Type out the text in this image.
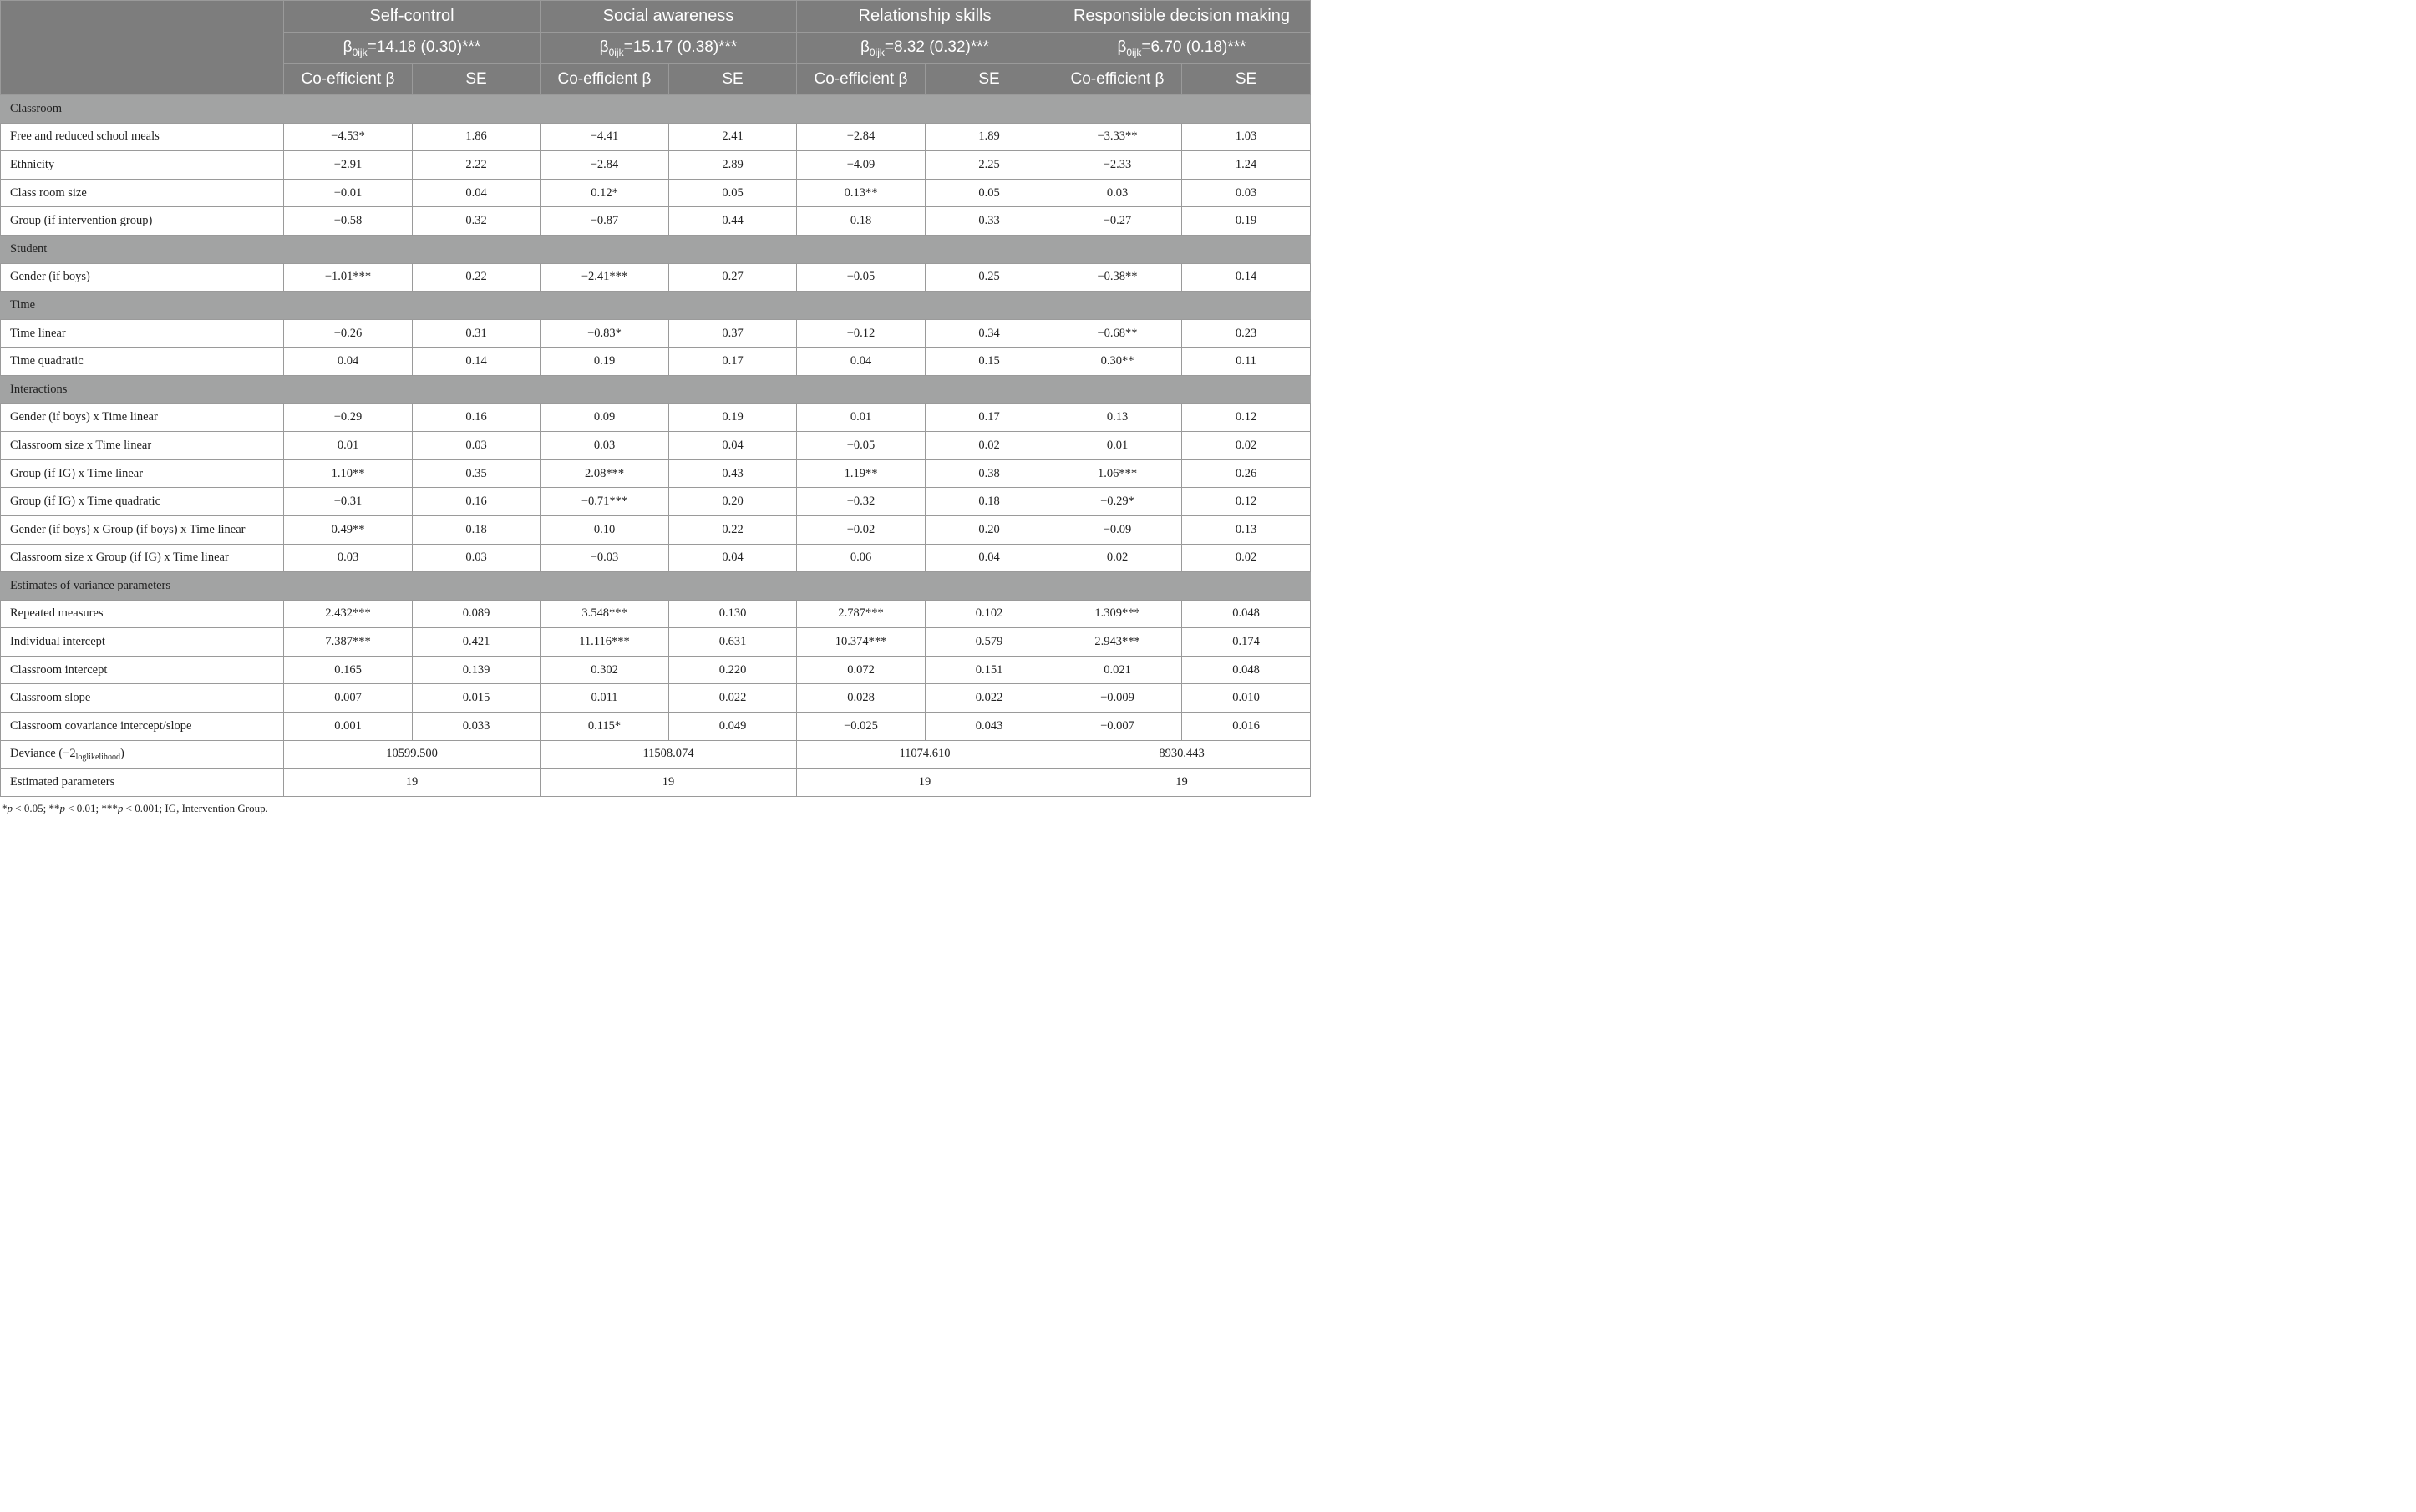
	Self-control		Social awareness		Relationship skills		Responsible decision making	
	$\beta_{0ijk}=14.18$ (0.30)***		$\beta_{0ijk}=15.17$ (0.38)***		$\beta_{0ijk}=8.32$ (0.32)***		$\beta_{0ijk}=6.70$ (0.18)***	
	Co-efficient β	SE	Co-efficient β	SE	Co-efficient β	SE	Co-efficient β	SE
Classroom								
Free and reduced school meals	−4.53*	1.86	−4.41	2.41	−2.84	1.89	−3.33**	1.03
Ethnicity	−2.91	2.22	−2.84	2.89	−4.09	2.25	−2.33	1.24
Class room size	−0.01	0.04	0.12*	0.05	0.13**	0.05	0.03	0.03
Group (if intervention group)	−0.58	0.32	−0.87	0.44	0.18	0.33	−0.27	0.19
Student								
Gender (if boys)	−1.01***	0.22	−2.41***	0.27	−0.05	0.25	−0.38**	0.14
Time								
Time linear	−0.26	0.31	−0.83*	0.37	−0.12	0.34	−0.68**	0.23
Time quadratic	0.04	0.14	0.19	0.17	0.04	0.15	0.30**	0.11
Interactions								
Gender (if boys) x Time linear	−0.29	0.16	0.09	0.19	0.01	0.17	0.13	0.12
Classroom size x Time linear	0.01	0.03	0.03	0.04	−0.05	0.02	0.01	0.02
Group (if IG) x Time linear	1.10**	0.35	2.08***	0.43	1.19**	0.38	1.06***	0.26
Group (if IG) x Time quadratic	−0.31	0.16	−0.71***	0.20	−0.32	0.18	−0.29*	0.12
Gender (if boys) x Group (if boys) x Time linear	0.49**	0.18	0.10	0.22	−0.02	0.20	−0.09	0.13
Classroom size x Group (if IG) x Time linear	0.03	0.03	−0.03	0.04	0.06	0.04	0.02	0.02
Estimates of variance parameters								
Repeated measures	2.432***	0.089	3.548***	0.130	2.787***	0.102	1.309***	0.048
Individual intercept	7.387***	0.421	11.116***	0.631	10.374***	0.579	2.943***	0.174
Classroom intercept	0.165	0.139	0.302	0.220	0.072	0.151	0.021	0.048
Classroom slope	0.007	0.015	0.011	0.022	0.028	0.022	−0.009	0.010
Classroom covariance intercept/slope	0.001	0.033	0.115*	0.049	−0.025	0.043	−0.007	0.016
Deviance $(-2_{loglikelihood})$	10599.500		11508.074		11074.610		8930.443	
Estimated parameters	19		19		19		19	
*p < 0.05; **p < 0.01; ***p < 0.001; IG, Intervention Group.
